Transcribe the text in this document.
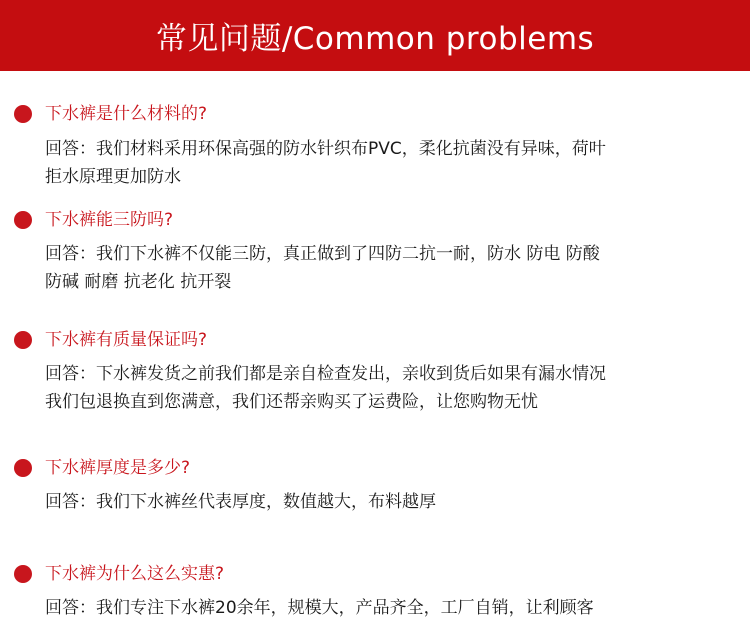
常见问题/Common problems
下水裤是什么材料的?
回答：我们材料采用环保高强的防水针织布PVC，柔化抗菌没有异味，荷叶
拒水原理更加防水
下水裤能三防吗?
回答：我们下水裤不仅能三防，真正做到了四防二抗一耐，防水 防电 防酸
防碱 耐磨 抗老化 抗开裂
下水裤有质量保证吗?
回答：下水裤发货之前我们都是亲自检查发出，亲收到货后如果有漏水情况
我们包退换直到您满意，我们还帮亲购买了运费险，让您购物无忧
下水裤厚度是多少?
回答：我们下水裤丝代表厚度，数值越大，布料越厚
下水裤为什么这么实惠?
回答：我们专注下水裤20余年，规模大，产品齐全，工厂自销，让利顾客
